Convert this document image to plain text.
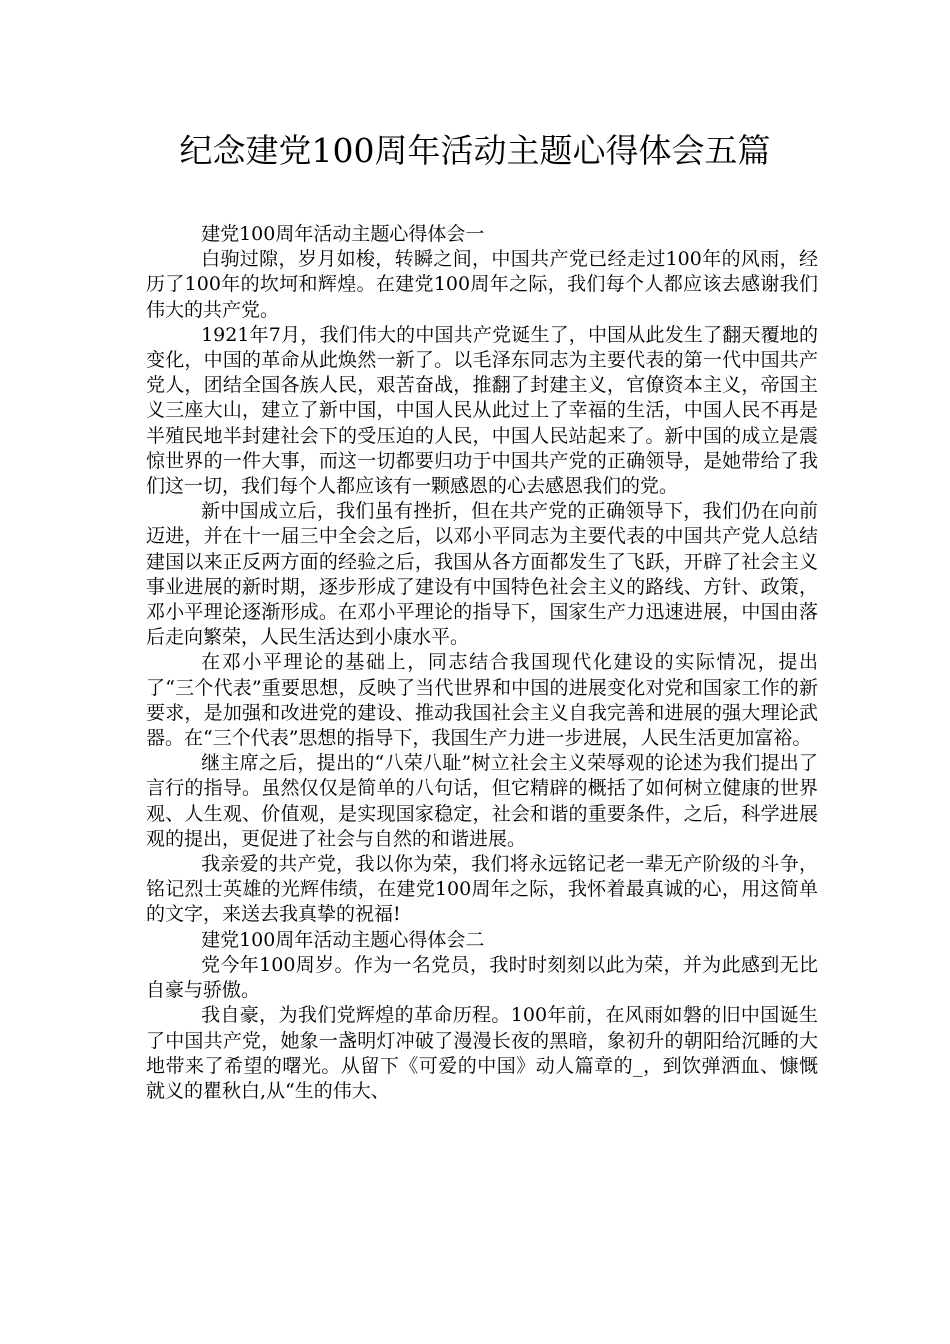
纪念建党100周年活动主题心得体会五篇

建党100周年活动主题心得体会一

白驹过隙，岁月如梭，转瞬之间，中国共产党已经走过100年的风雨，经历了100年的坎坷和辉煌。在建党100周年之际，我们每个人都应该去感谢我们伟大的共产党。

1921年7月，我们伟大的中国共产党诞生了，中国从此发生了翻天覆地的变化，中国的革命从此焕然一新了。以毛泽东同志为主要代表的第一代中国共产党人，团结全国各族人民，艰苦奋战，推翻了封建主义，官僚资本主义，帝国主义三座大山，建立了新中国，中国人民从此过上了幸福的生活，中国人民不再是半殖民地半封建社会下的受压迫的人民，中国人民站起来了。新中国的成立是震惊世界的一件大事，而这一切都要归功于中国共产党的正确领导，是她带给了我们这一切，我们每个人都应该有一颗感恩的心去感恩我们的党。

新中国成立后，我们虽有挫折，但在共产党的正确领导下，我们仍在向前迈进，并在十一届三中全会之后，以邓小平同志为主要代表的中国共产党人总结建国以来正反两方面的经验之后，我国从各方面都发生了飞跃，开辟了社会主义事业进展的新时期，逐步形成了建设有中国特色社会主义的路线、方针、政策，邓小平理论逐渐形成。在邓小平理论的指导下，国家生产力迅速进展，中国由落后走向繁荣，人民生活达到小康水平。

在邓小平理论的基础上，同志结合我国现代化建设的实际情况，提出了“三个代表”重要思想，反映了当代世界和中国的进展变化对党和国家工作的新要求，是加强和改进党的建设、推动我国社会主义自我完善和进展的强大理论武器。在“三个代表”思想的指导下，我国生产力进一步进展，人民生活更加富裕。

继主席之后，提出的“八荣八耻”树立社会主义荣辱观的论述为我们提出了言行的指导。虽然仅仅是简单的八句话，但它精辟的概括了如何树立健康的世界观、人生观、价值观，是实现国家稳定，社会和谐的重要条件，之后，科学进展观的提出，更促进了社会与自然的和谐进展。

我亲爱的共产党，我以你为荣，我们将永远铭记老一辈无产阶级的斗争，铭记烈士英雄的光辉伟绩，在建党100周年之际，我怀着最真诚的心，用这简单的文字，来送去我真挚的祝福!

建党100周年活动主题心得体会二

党今年100周岁。作为一名党员，我时时刻刻以此为荣，并为此感到无比自豪与骄傲。

我自豪，为我们党辉煌的革命历程。100年前，在风雨如磐的旧中国诞生了中国共产党，她象一盏明灯冲破了漫漫长夜的黑暗，象初升的朝阳给沉睡的大地带来了希望的曙光。从留下《可爱的中国》动人篇章的_，到饮弹洒血、慷慨就义的瞿秋白,从“生的伟大、
